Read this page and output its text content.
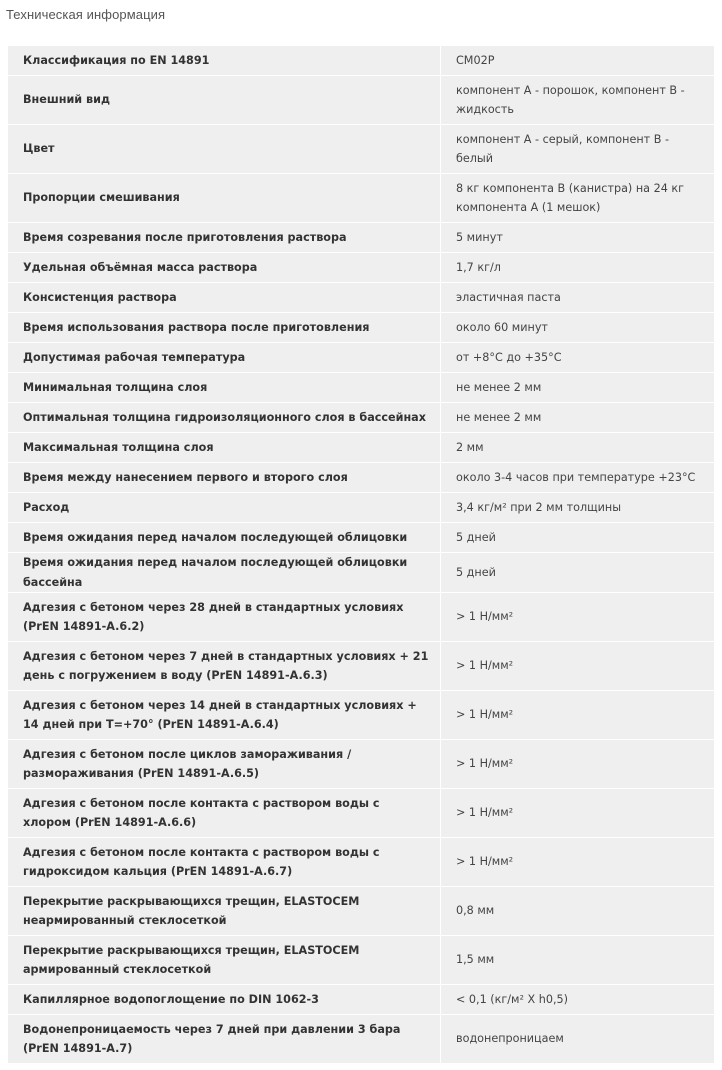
Техническая информация
Классификация по EN 14891	CM02P
Внешний вид	компонент А - порошок, компонент В - жидкость
Цвет	компонент А - серый, компонент В - белый
Пропорции смешивания	8 кг компонента В (канистра) на 24 кг компонента А (1 мешок)
Время созревания после приготовления раствора	5 минут
Удельная объёмная масса раствора	1,7 кг/л
Консистенция раствора	эластичная паста
Время использования раствора после приготовления	около 60 минут
Допустимая рабочая температура	от +8°С до +35°С
Минимальная толщина слоя	не менее 2 мм
Оптимальная толщина гидроизоляционного слоя в бассейнах	не менее 2 мм
Максимальная толщина слоя	2 мм
Время между нанесением первого и второго слоя	около 3-4 часов при температуре +23°С
Расход	3,4 кг/м² при 2 мм толщины
Время ожидания перед началом последующей облицовки	5 дней
Время ожидания перед началом последующей облицовки бассейна	5 дней
Адгезия с бетоном через 28 дней в стандартных условиях (PrEN 14891-A.6.2)	> 1 Н/мм²
Адгезия с бетоном через 7 дней в стандартных условиях + 21 день с погружением в воду (PrEN 14891-A.6.3)	> 1 Н/мм²
Адгезия с бетоном через 14 дней в стандартных условиях + 14 дней при T=+70° (PrEN 14891-A.6.4)	> 1 Н/мм²
Адгезия с бетоном после циклов замораживания /размораживания (PrEN 14891-A.6.5)	> 1 Н/мм²
Адгезия с бетоном после контакта с раствором воды с хлором (PrEN 14891-A.6.6)	> 1 Н/мм²
Адгезия с бетоном после контакта с раствором воды с гидроксидом кальция (PrEN 14891-A.6.7)	> 1 Н/мм²
Перекрытие раскрывающихся трещин, ELASTOCEM неармированный стеклосеткой	0,8 мм
Перекрытие раскрывающихся трещин, ELASTOCEM армированный стеклосеткой	1,5 мм
Капиллярное водопоглощение по DIN 1062-3	< 0,1 (кг/м² X h0,5)
Водонепроницаемость через 7 дней при давлении 3 бара (PrEN 14891-A.7)	водонепроницаем
